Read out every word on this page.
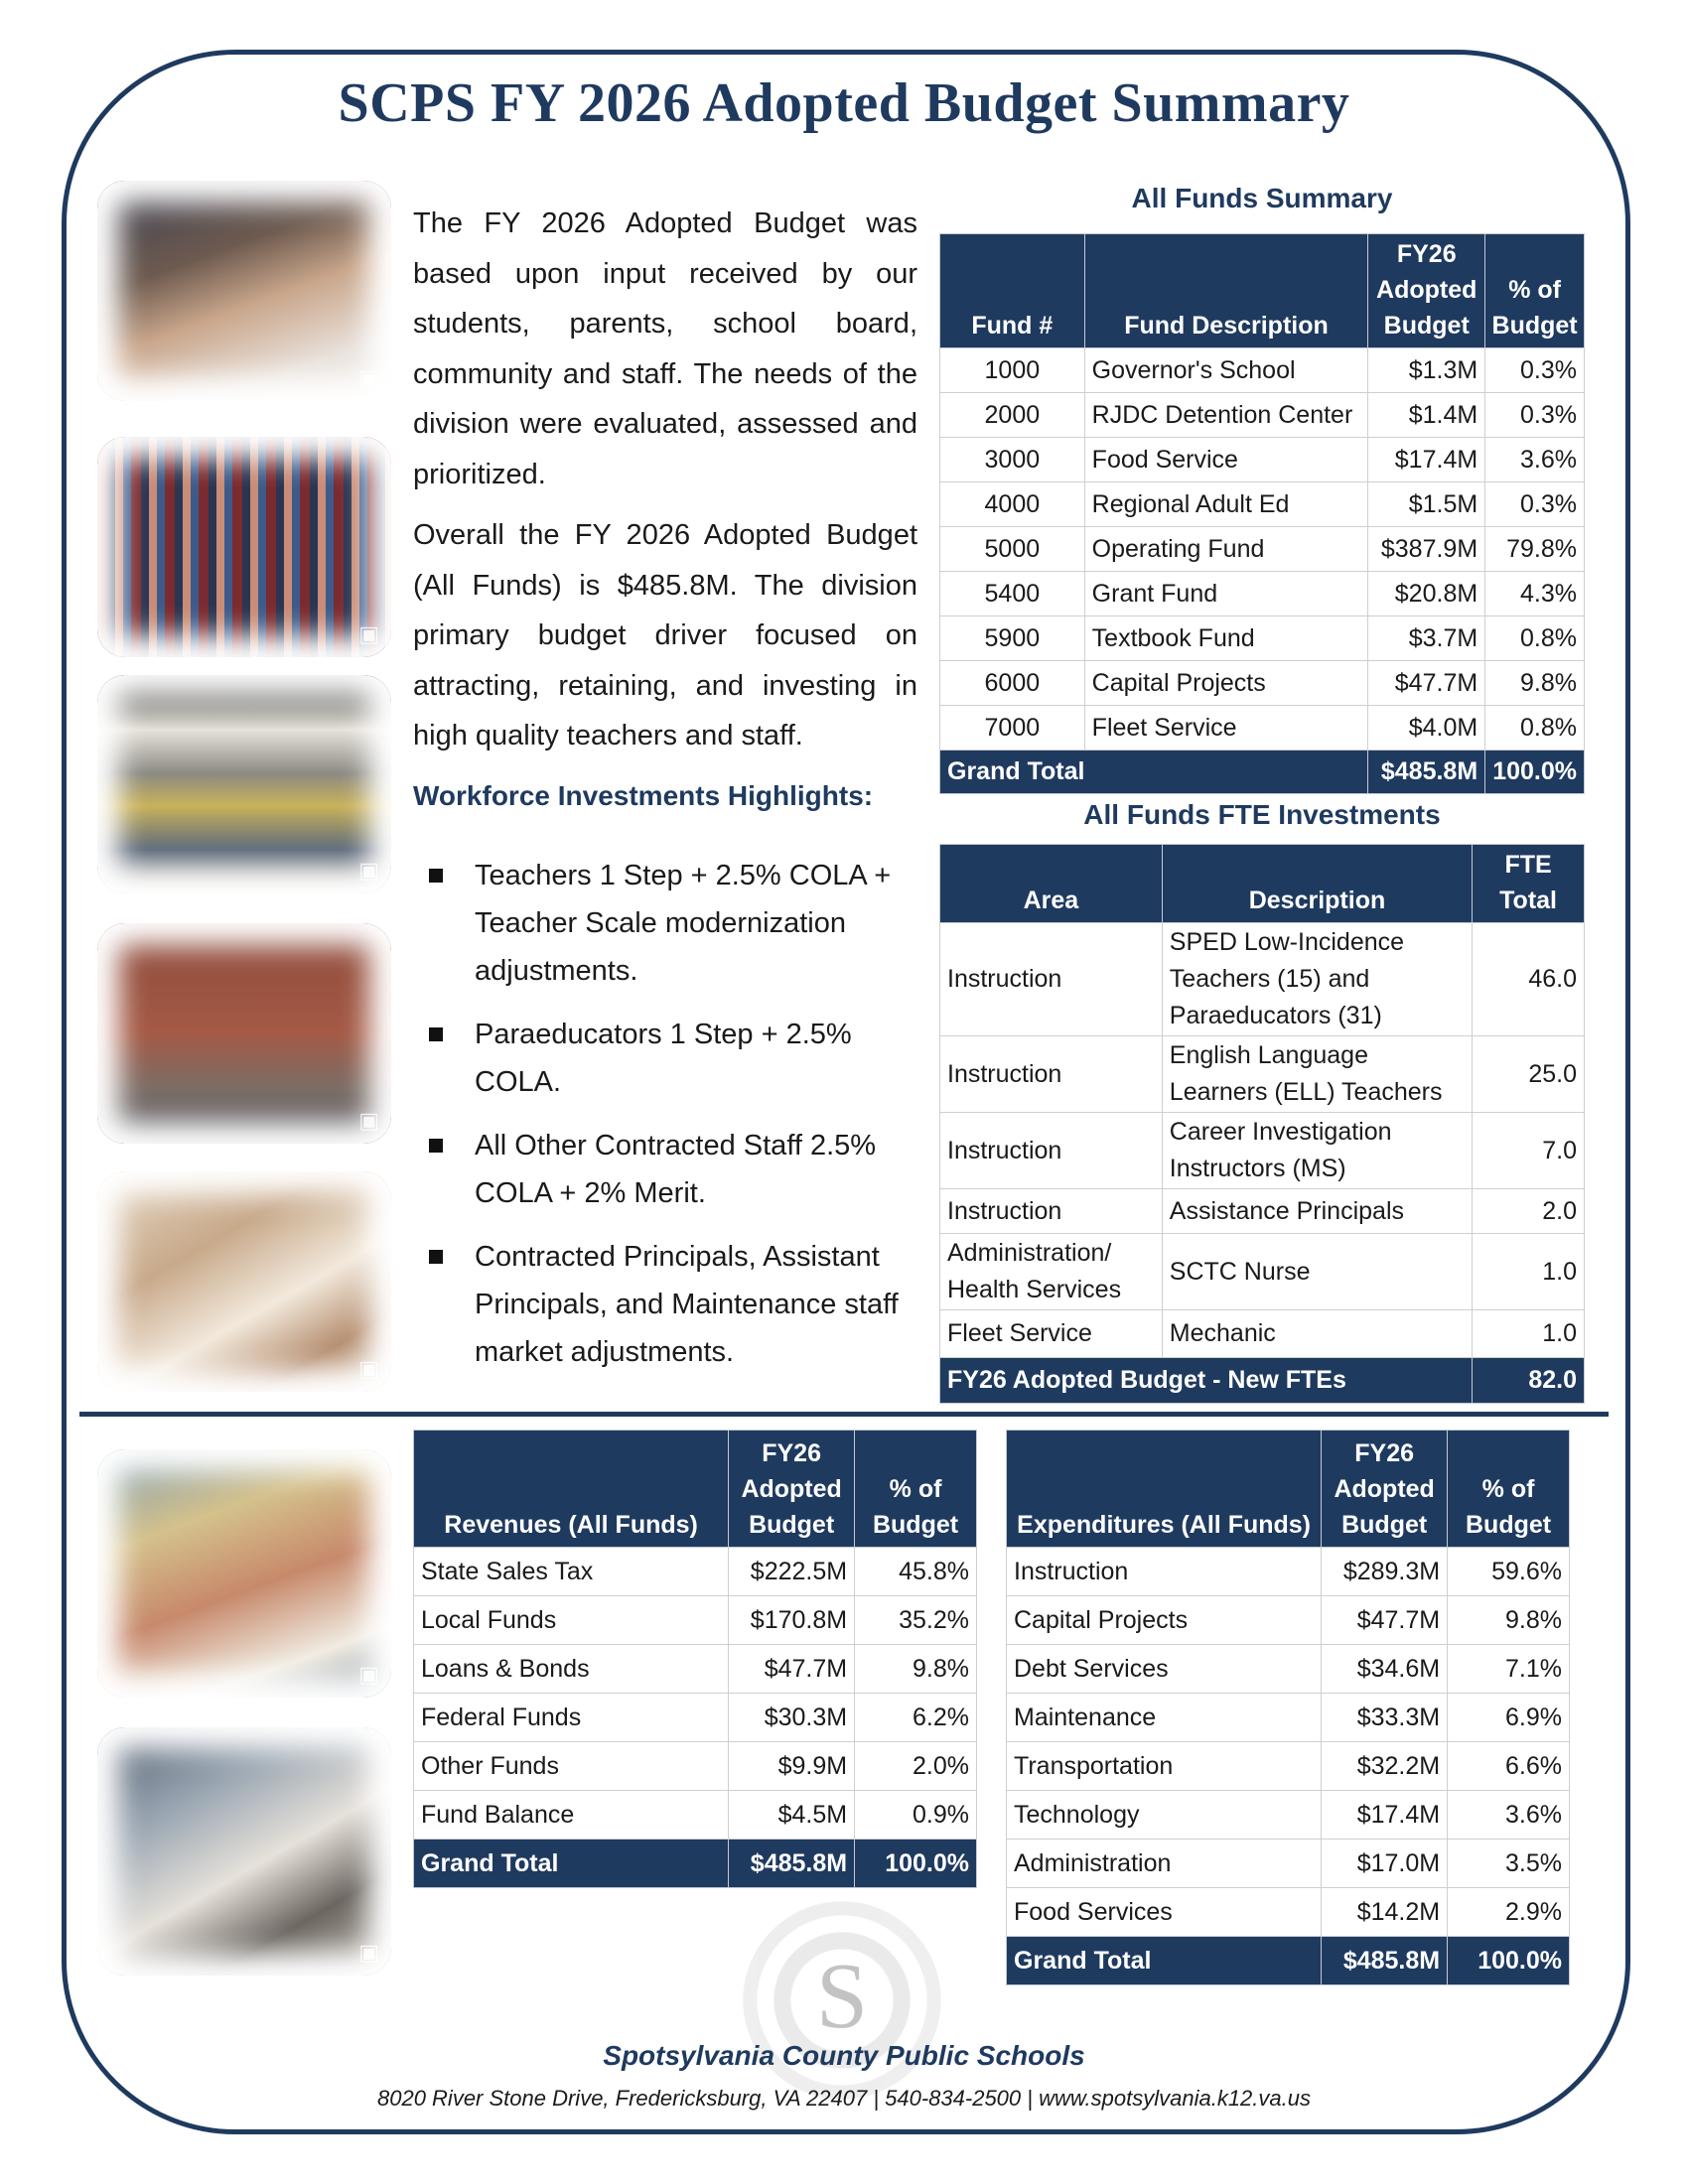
SCPS FY 2026 Adopted Budget Summary
▣
▣
▣
▣
▣
▣
▣

The FY 2026 Adopted Budget was based upon input received by our students, parents, school board, community and staff. The needs of the division were evaluated, assessed and prioritized.

Overall the FY 2026 Adopted Budget (All Funds) is $485.8M. The division primary budget driver focused on attracting, retaining, and investing in high quality teachers and staff.

Workforce Investments Highlights:
Teachers 1 Step + 2.5% COLA + Teacher Scale modernization adjustments.
Paraeducators 1 Step + 2.5% COLA.
All Other Contracted Staff 2.5% COLA + 2% Merit.
Contracted Principals, Assistant Principals, and Maintenance staff market adjustments.
All Funds Summary
Fund #	Fund Description	FY26 Adopted Budget	% of Budget
1000	Governor's School	$1.3M	0.3%
2000	RJDC Detention Center	$1.4M	0.3%
3000	Food Service	$17.4M	3.6%
4000	Regional Adult Ed	$1.5M	0.3%
5000	Operating Fund	$387.9M	79.8%
5400	Grant Fund	$20.8M	4.3%
5900	Textbook Fund	$3.7M	0.8%
6000	Capital Projects	$47.7M	9.8%
7000	Fleet Service	$4.0M	0.8%
Grand Total		$485.8M	100.0%
All Funds FTE Investments
Area	Description	FTE Total
Instruction	SPED Low-Incidence Teachers (15) and Paraeducators (31)	46.0
Instruction	English Language Learners (ELL) Teachers	25.0
Instruction	Career Investigation Instructors (MS)	7.0
Instruction	Assistance Principals	2.0
Administration/ Health Services	SCTC Nurse	1.0
Fleet Service	Mechanic	1.0
FY26 Adopted Budget - New FTEs		82.0
Revenues (All Funds)	FY26 Adopted Budget	% of Budget
State Sales Tax	$222.5M	45.8%
Local Funds	$170.8M	35.2%
Loans & Bonds	$47.7M	9.8%
Federal Funds	$30.3M	6.2%
Other Funds	$9.9M	2.0%
Fund Balance	$4.5M	0.9%
Grand Total	$485.8M	100.0%
Expenditures (All Funds)	FY26 Adopted Budget	% of Budget
Instruction	$289.3M	59.6%
Capital Projects	$47.7M	9.8%
Debt Services	$34.6M	7.1%
Maintenance	$33.3M	6.9%
Transportation	$32.2M	6.6%
Technology	$17.4M	3.6%
Administration	$17.0M	3.5%
Food Services	$14.2M	2.9%
Grand Total	$485.8M	100.0%
S
Spotsylvania County Public Schools
8020 River Stone Drive, Fredericksburg, VA 22407 | 540-834-2500 | www.spotsylvania.k12.va.us
